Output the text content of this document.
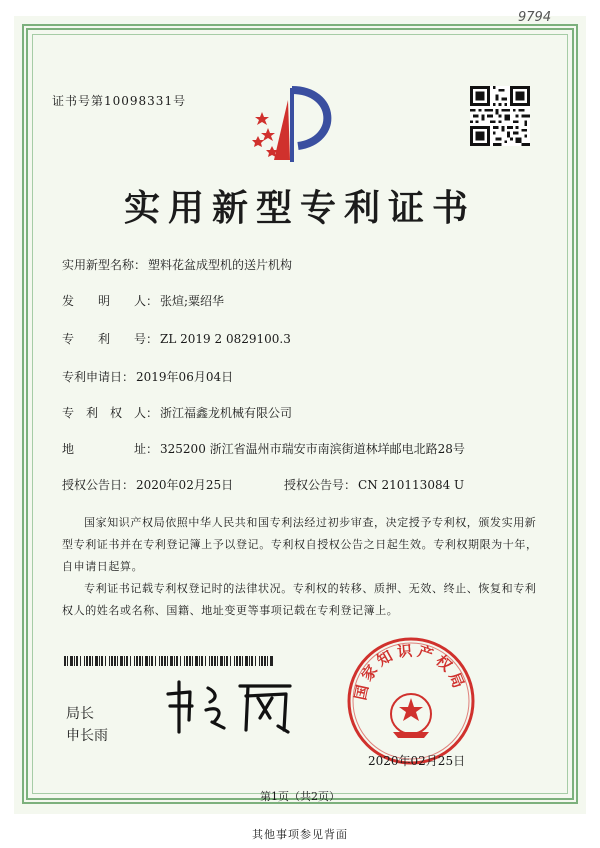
9794
证书号第10098331号
实用新型专利证书
实用新型名称： 塑料花盆成型机的送片机构
发　　明　　人： 张煊;粟绍华
专　　利　　号： ZL 2019 2 0829100.3
专利申请日： 2019年06月04日
专　利　权　人： 浙江福鑫龙机械有限公司
地　　　　　址： 325200 浙江省温州市瑞安市南滨街道林垟邮电北路28号
授权公告日： 2020年02月25日	授权公告号： CN 210113084 U
国家知识产权局依照中华人民共和国专利法经过初步审查，决定授予专利权，颁发实用新型专利证书并在专利登记簿上予以登记。专利权自授权公告之日起生效。专利权期限为十年，自申请日起算。
专利证书记载专利权登记时的法律状况。专利权的转移、质押、无效、终止、恢复和专利权人的姓名或名称、国籍、地址变更等事项记载在专利登记簿上。
局长
申长雨
国家知识产权局
2020年02月25日
第1页（共2页）
其他事项参见背面
